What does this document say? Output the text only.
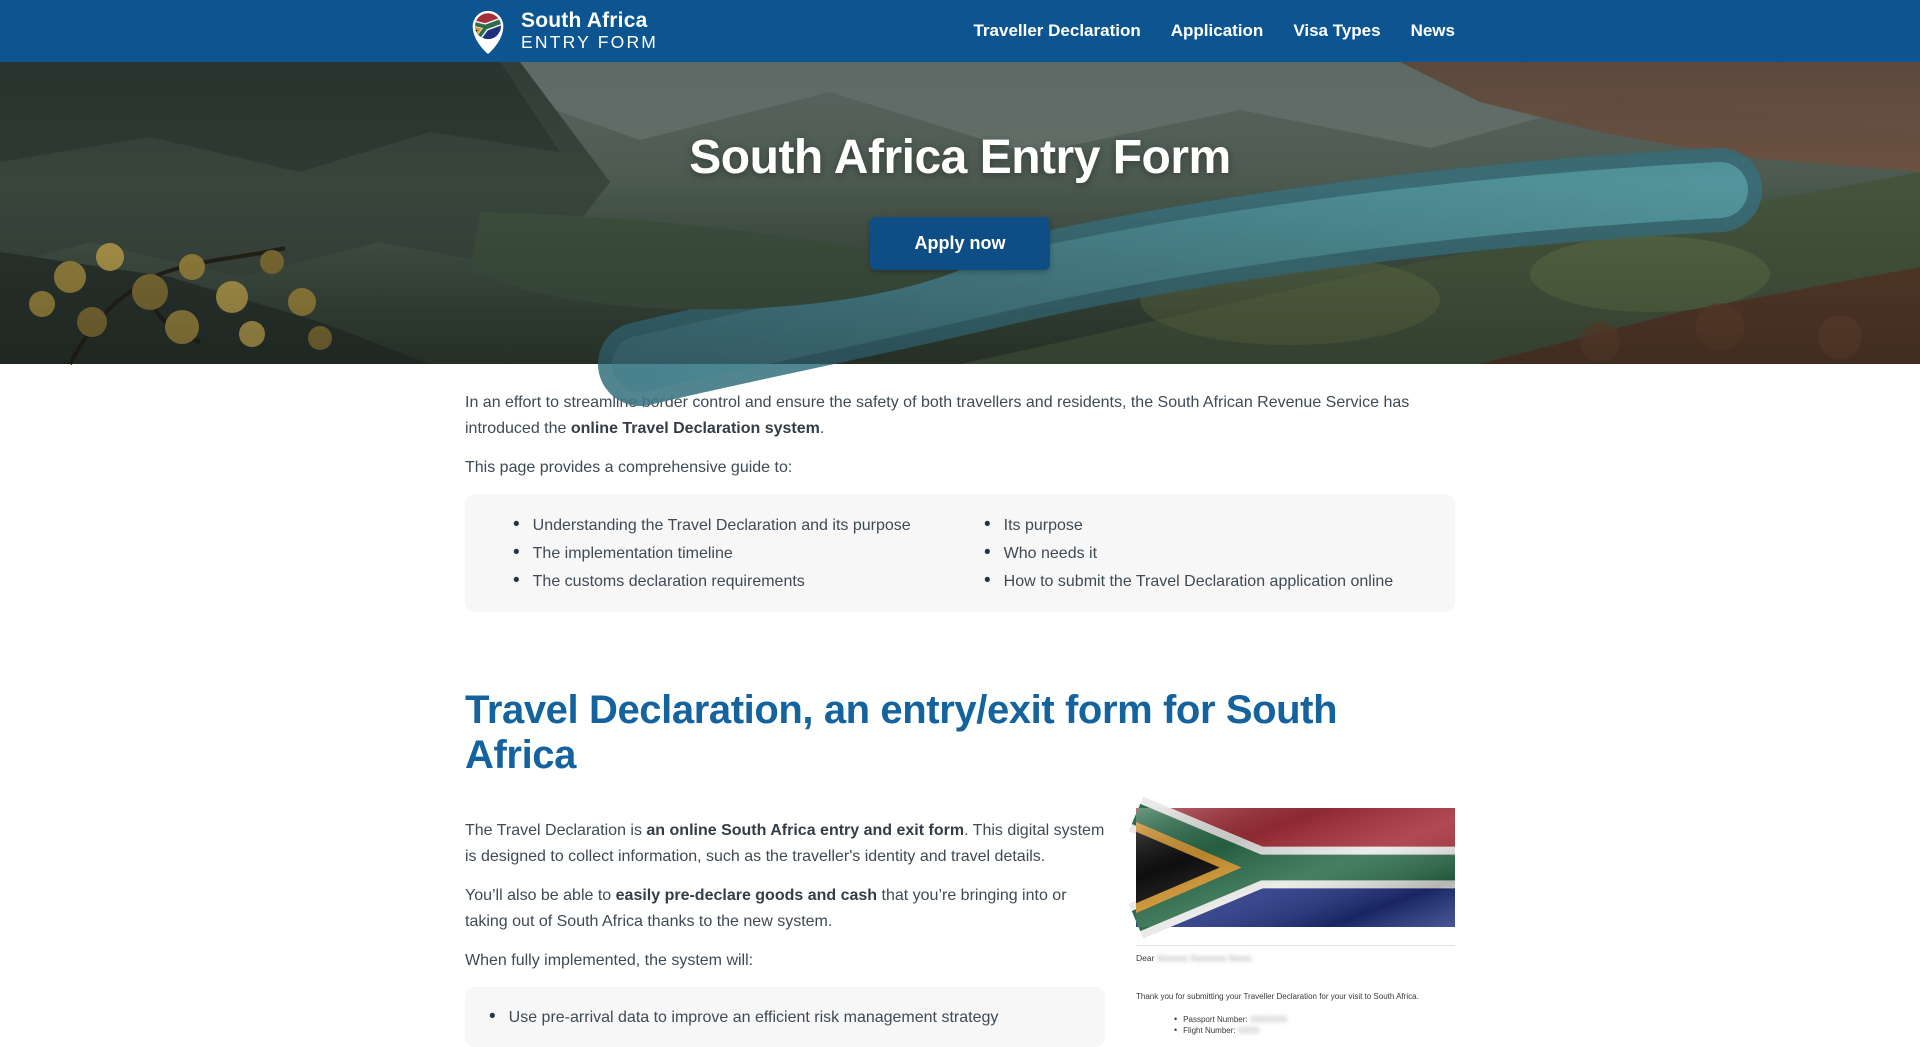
South Africa
ENTRY FORM
Traveller Declaration Application Visa Types News
South Africa Entry Form
Apply now

In an effort to streamline border control and ensure the safety of both travellers and residents, the South African Revenue Service has introduced the online Travel Declaration system.

This page provides a comprehensive guide to:

• Understanding the Travel Declaration and its purpose
• The implementation timeline
• The customs declaration requirements
• Its purpose
• Who needs it
• How to submit the Travel Declaration application online
Travel Declaration, an entry/exit form for South Africa

The Travel Declaration is an online South Africa entry and exit form. This digital system is designed to collect information, such as the traveller's identity and travel details.

You’ll also be able to easily pre-declare goods and cash that you’re bringing into or taking out of South Africa thanks to the new system.

When fully implemented, the system will:

• Use pre-arrival data to improve an efficient risk management strategy
Dear Xxxxxxx Xxxxxxxx Xxxxx,
Thank you for submitting your Traveller Declaration for your visit to South Africa.
• Passport Number:
XXXXXXX
• Flight Number:
XXXX
